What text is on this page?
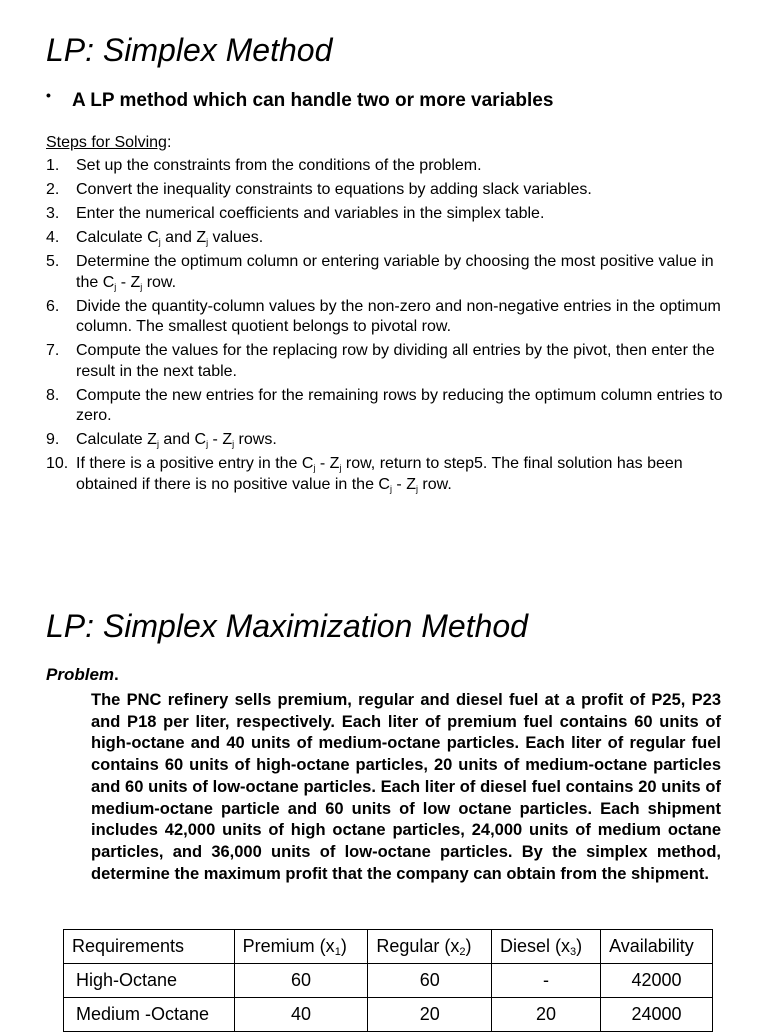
LP: Simplex Method
• A LP method which can handle two or more variables
Steps for Solving:
1. Set up the constraints from the conditions of the problem.
2. Convert the inequality constraints to equations by adding slack variables.
3. Enter the numerical coefficients and variables in the simplex table.
4. Calculate $C_j$ and $Z_j$ values.
5. Determine the optimum column or entering variable by choosing the most positive value in the $C_j - Z_j$ row.
6. Divide the quantity-column values by the non-zero and non-negative entries in the optimum column. The smallest quotient belongs to pivotal row.
7. Compute the values for the replacing row by dividing all entries by the pivot, then enter the result in the next table.
8. Compute the new entries for the remaining rows by reducing the optimum column entries to zero.
9. Calculate $Z_j$ and $C_j - Z_j$ rows.
10. If there is a positive entry in the $C_j - Z_j$ row, return to step5. The final solution has been obtained if there is no positive value in the $C_j - Z_j$ row.
LP: Simplex Maximization Method
Problem.

The PNC refinery sells premium, regular and diesel fuel at a profit of P25, P23 and P18 per liter, respectively. Each liter of premium fuel contains 60 units of high-octane and 40 units of medium-octane particles. Each liter of regular fuel contains 60 units of high-octane particles, 20 units of medium-octane particles and 60 units of low-octane particles. Each liter of diesel fuel contains 20 units of medium-octane particle and 60 units of low octane particles. Each shipment includes 42,000 units of high octane particles, 24,000 units of medium octane particles, and 36,000 units of low-octane particles. By the simplex method, determine the maximum profit that the company can obtain from the shipment.

Requirements	Premium $(x_1)$	Regular $(x_2)$	Diesel $(x_3)$	Availability
High-Octane	60	60	-	42000
Medium -Octane	40	20	20	24000
